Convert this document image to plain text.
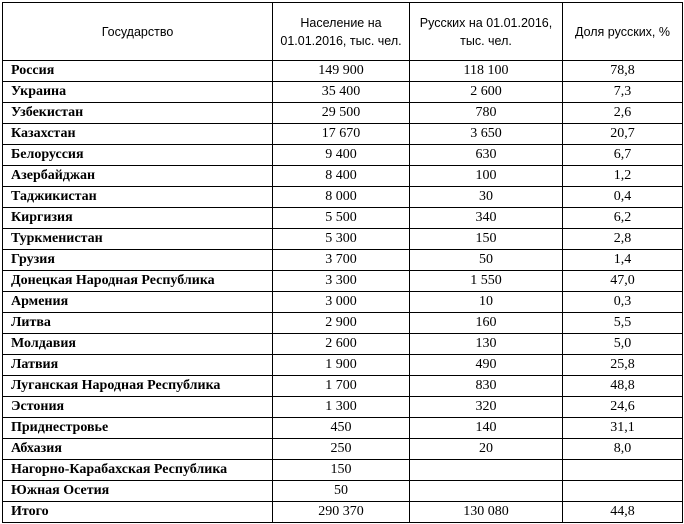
Государство	Население на 01.01.2016, тыс. чел.	Русских на 01.01.2016, тыс. чел.	Доля русских, %
Россия	149 900	118 100	78,8
Украина	35 400	2 600	7,3
Узбекистан	29 500	780	2,6
Казахстан	17 670	3 650	20,7
Белоруссия	9 400	630	6,7
Азербайджан	8 400	100	1,2
Таджикистан	8 000	30	0,4
Киргизия	5 500	340	6,2
Туркменистан	5 300	150	2,8
Грузия	3 700	50	1,4
Донецкая Народная Республика	3 300	1 550	47,0
Армения	3 000	10	0,3
Литва	2 900	160	5,5
Молдавия	2 600	130	5,0
Латвия	1 900	490	25,8
Луганская Народная Республика	1 700	830	48,8
Эстония	1 300	320	24,6
Приднестровье	450	140	31,1
Абхазия	250	20	8,0
Нагорно-Карабахская Республика	150		
Южная Осетия	50		
Итого	290 370	130 080	44,8
